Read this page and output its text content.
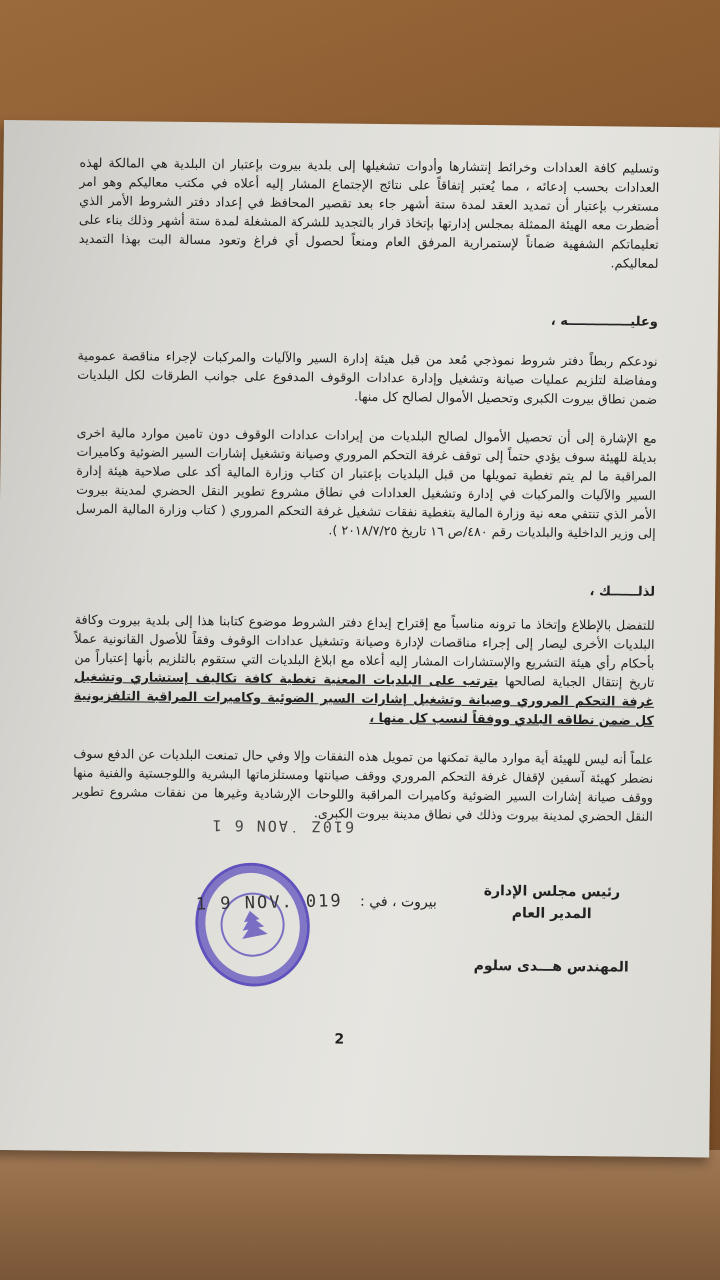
وتسليم كافة العدادات وخرائط إنتشارها وأدوات تشغيلها إلى بلدية بيروت بإعتبار ان البلدية هي المالكة لهذه العدادات بحسب إدعائه ، مما يُعتبر إتفاقاً على نتائج الإجتماع المشار إليه أعلاه في مكتب معاليكم وهو امر مستغرب بإعتبار أن تمديد العقد لمدة ستة أشهر جاء بعد تقصير المحافظ في إعداد دفتر الشروط الأمر الذي أضطرت معه الهيئة الممثلة بمجلس إدارتها بإتخاذ قرار بالتجديد للشركة المشغلة لمدة ستة أشهر وذلك بناء على تعليماتكم الشفهية ضماناً لإستمرارية المرفق العام ومنعاً لحصول أي فراغ وتعود مسالة البت بهذا التمديد لمعاليكم.

وعليــــــــــــــه ،

نودعكم ربطاً دفتر شروط نموذجي مُعد من قبل هيئة إدارة السير والآليات والمركبات لإجراء مناقصة عمومية ومفاضلة لتلزيم عمليات صيانة وتشغيل وإدارة عدادات الوقوف المدفوع على جوانب الطرقات لكل البلديات ضمن نطاق بيروت الكبرى وتحصيل الأموال لصالح كل منها.

مع الإشارة إلى أن تحصيل الأموال لصالح البلديات من إيرادات عدادات الوقوف دون تامين موارد مالية اخرى بديلة للهيئة سوف يؤدي حتماً إلى توقف غرفة التحكم المروري وصيانة وتشغيل إشارات السير الضوئية وكاميرات المراقبة ما لم يتم تغطية تمويلها من قبل البلديات بإعتبار ان كتاب وزارة المالية أكد على صلاحية هيئة إدارة السير والآليات والمركبات في إدارة وتشغيل العدادات في نطاق مشروع تطوير النقل الحضري لمدينة بيروت الأمر الذي تنتفي معه نية وزارة المالية بتغطية نفقات تشغيل غرفة التحكم المروري ( كتاب وزارة المالية المرسل إلى وزير الداخلية والبلديات رقم ٤٨٠/ص ١٦ تاريخ ٢٠١٨/٧/٢٥ ).

لذلــــــك ،

للتفضل بالإطلاع وإتخاذ ما ترونه مناسباً مع إقتراح إيداع دفتر الشروط موضوع كتابنا هذا إلى بلدية بيروت وكافة البلديات الأخرى ليصار إلى إجراء مناقصات لإدارة وصيانة وتشغيل عدادات الوقوف وفقاً للأصول القانونية عملاً بأحكام رأي هيئة التشريع والإستشارات المشار إليه أعلاه مع ابلاغ البلديات التي ستقوم بالتلزيم بأنها إعتباراً من تاريخ إنتقال الجباية لصالحها يترتب على البلديات المعنية تغطية كافة تكاليف إستشاري وتشغيل غرفة التحكم المروري وصيانة وتشغيل إشارات السير الضوئية وكاميرات المراقبة التلفزيونية كل ضمن نطاقه البلدي ووفقاً لنسب كل منها ،

علماً أنه ليس للهيئة أية موارد مالية تمكنها من تمويل هذه النفقات وإلا وفي حال تمنعت البلديات عن الدفع سوف نضطر كهيئة آسفين لإقفال غرفة التحكم المروري ووقف صيانتها ومستلزماتها البشرية واللوجستية والفنية منها ووقف صيانة إشارات السير الضوئية وكاميرات المراقبة واللوحات الإرشادية وغيرها من نفقات مشروع تطوير النقل الحضري لمدينة بيروت وذلك في نطاق مدينة بيروت الكبرى.

610Z ˙AON 6 1
بيروت ، في :
1 9 NOV. 019	رئيس مجلس الإدارة
المدير العام
المهندس هـــدى سلوم
2
